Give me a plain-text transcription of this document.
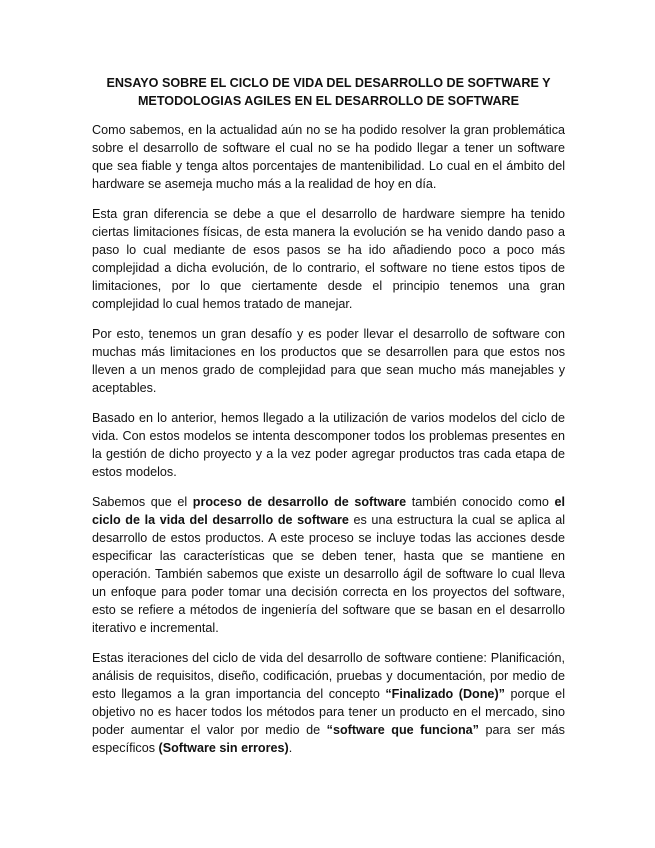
ENSAYO SOBRE EL CICLO DE VIDA DEL DESARROLLO DE SOFTWARE Y
METODOLOGIAS AGILES EN EL DESARROLLO DE SOFTWARE

Como sabemos, en la actualidad aún no se ha podido resolver la gran problemática sobre el desarrollo de software el cual no se ha podido llegar a tener un software que sea fiable y tenga altos porcentajes de mantenibilidad. Lo cual en el ámbito del hardware se asemeja mucho más a la realidad de hoy en día.

Esta gran diferencia se debe a que el desarrollo de hardware siempre ha tenido ciertas limitaciones físicas, de esta manera la evolución se ha venido dando paso a paso lo cual mediante de esos pasos se ha ido añadiendo poco a poco más complejidad a dicha evolución, de lo contrario, el software no tiene estos tipos de limitaciones, por lo que ciertamente desde el principio tenemos una gran complejidad lo cual hemos tratado de manejar.

Por esto, tenemos un gran desafío y es poder llevar el desarrollo de software con muchas más limitaciones en los productos que se desarrollen para que estos nos lleven a un menos grado de complejidad para que sean mucho más manejables y aceptables.

Basado en lo anterior, hemos llegado a la utilización de varios modelos del ciclo de vida. Con estos modelos se intenta descomponer todos los problemas presentes en la gestión de dicho proyecto y a la vez poder agregar productos tras cada etapa de estos modelos.

Sabemos que el proceso de desarrollo de software también conocido como el ciclo de la vida del desarrollo de software es una estructura la cual se aplica al desarrollo de estos productos. A este proceso se incluye todas las acciones desde especificar las características que se deben tener, hasta que se mantiene en operación. También sabemos que existe un desarrollo ágil de software lo cual lleva un enfoque para poder tomar una decisión correcta en los proyectos del software, esto se refiere a métodos de ingeniería del software que se basan en el desarrollo iterativo e incremental.

Estas iteraciones del ciclo de vida del desarrollo de software contiene: Planificación, análisis de requisitos, diseño, codificación, pruebas y documentación, por medio de esto llegamos a la gran importancia del concepto “Finalizado (Done)” porque el objetivo no es hacer todos los métodos para tener un producto en el mercado, sino poder aumentar el valor por medio de “software que funciona” para ser más específicos (Software sin errores).
